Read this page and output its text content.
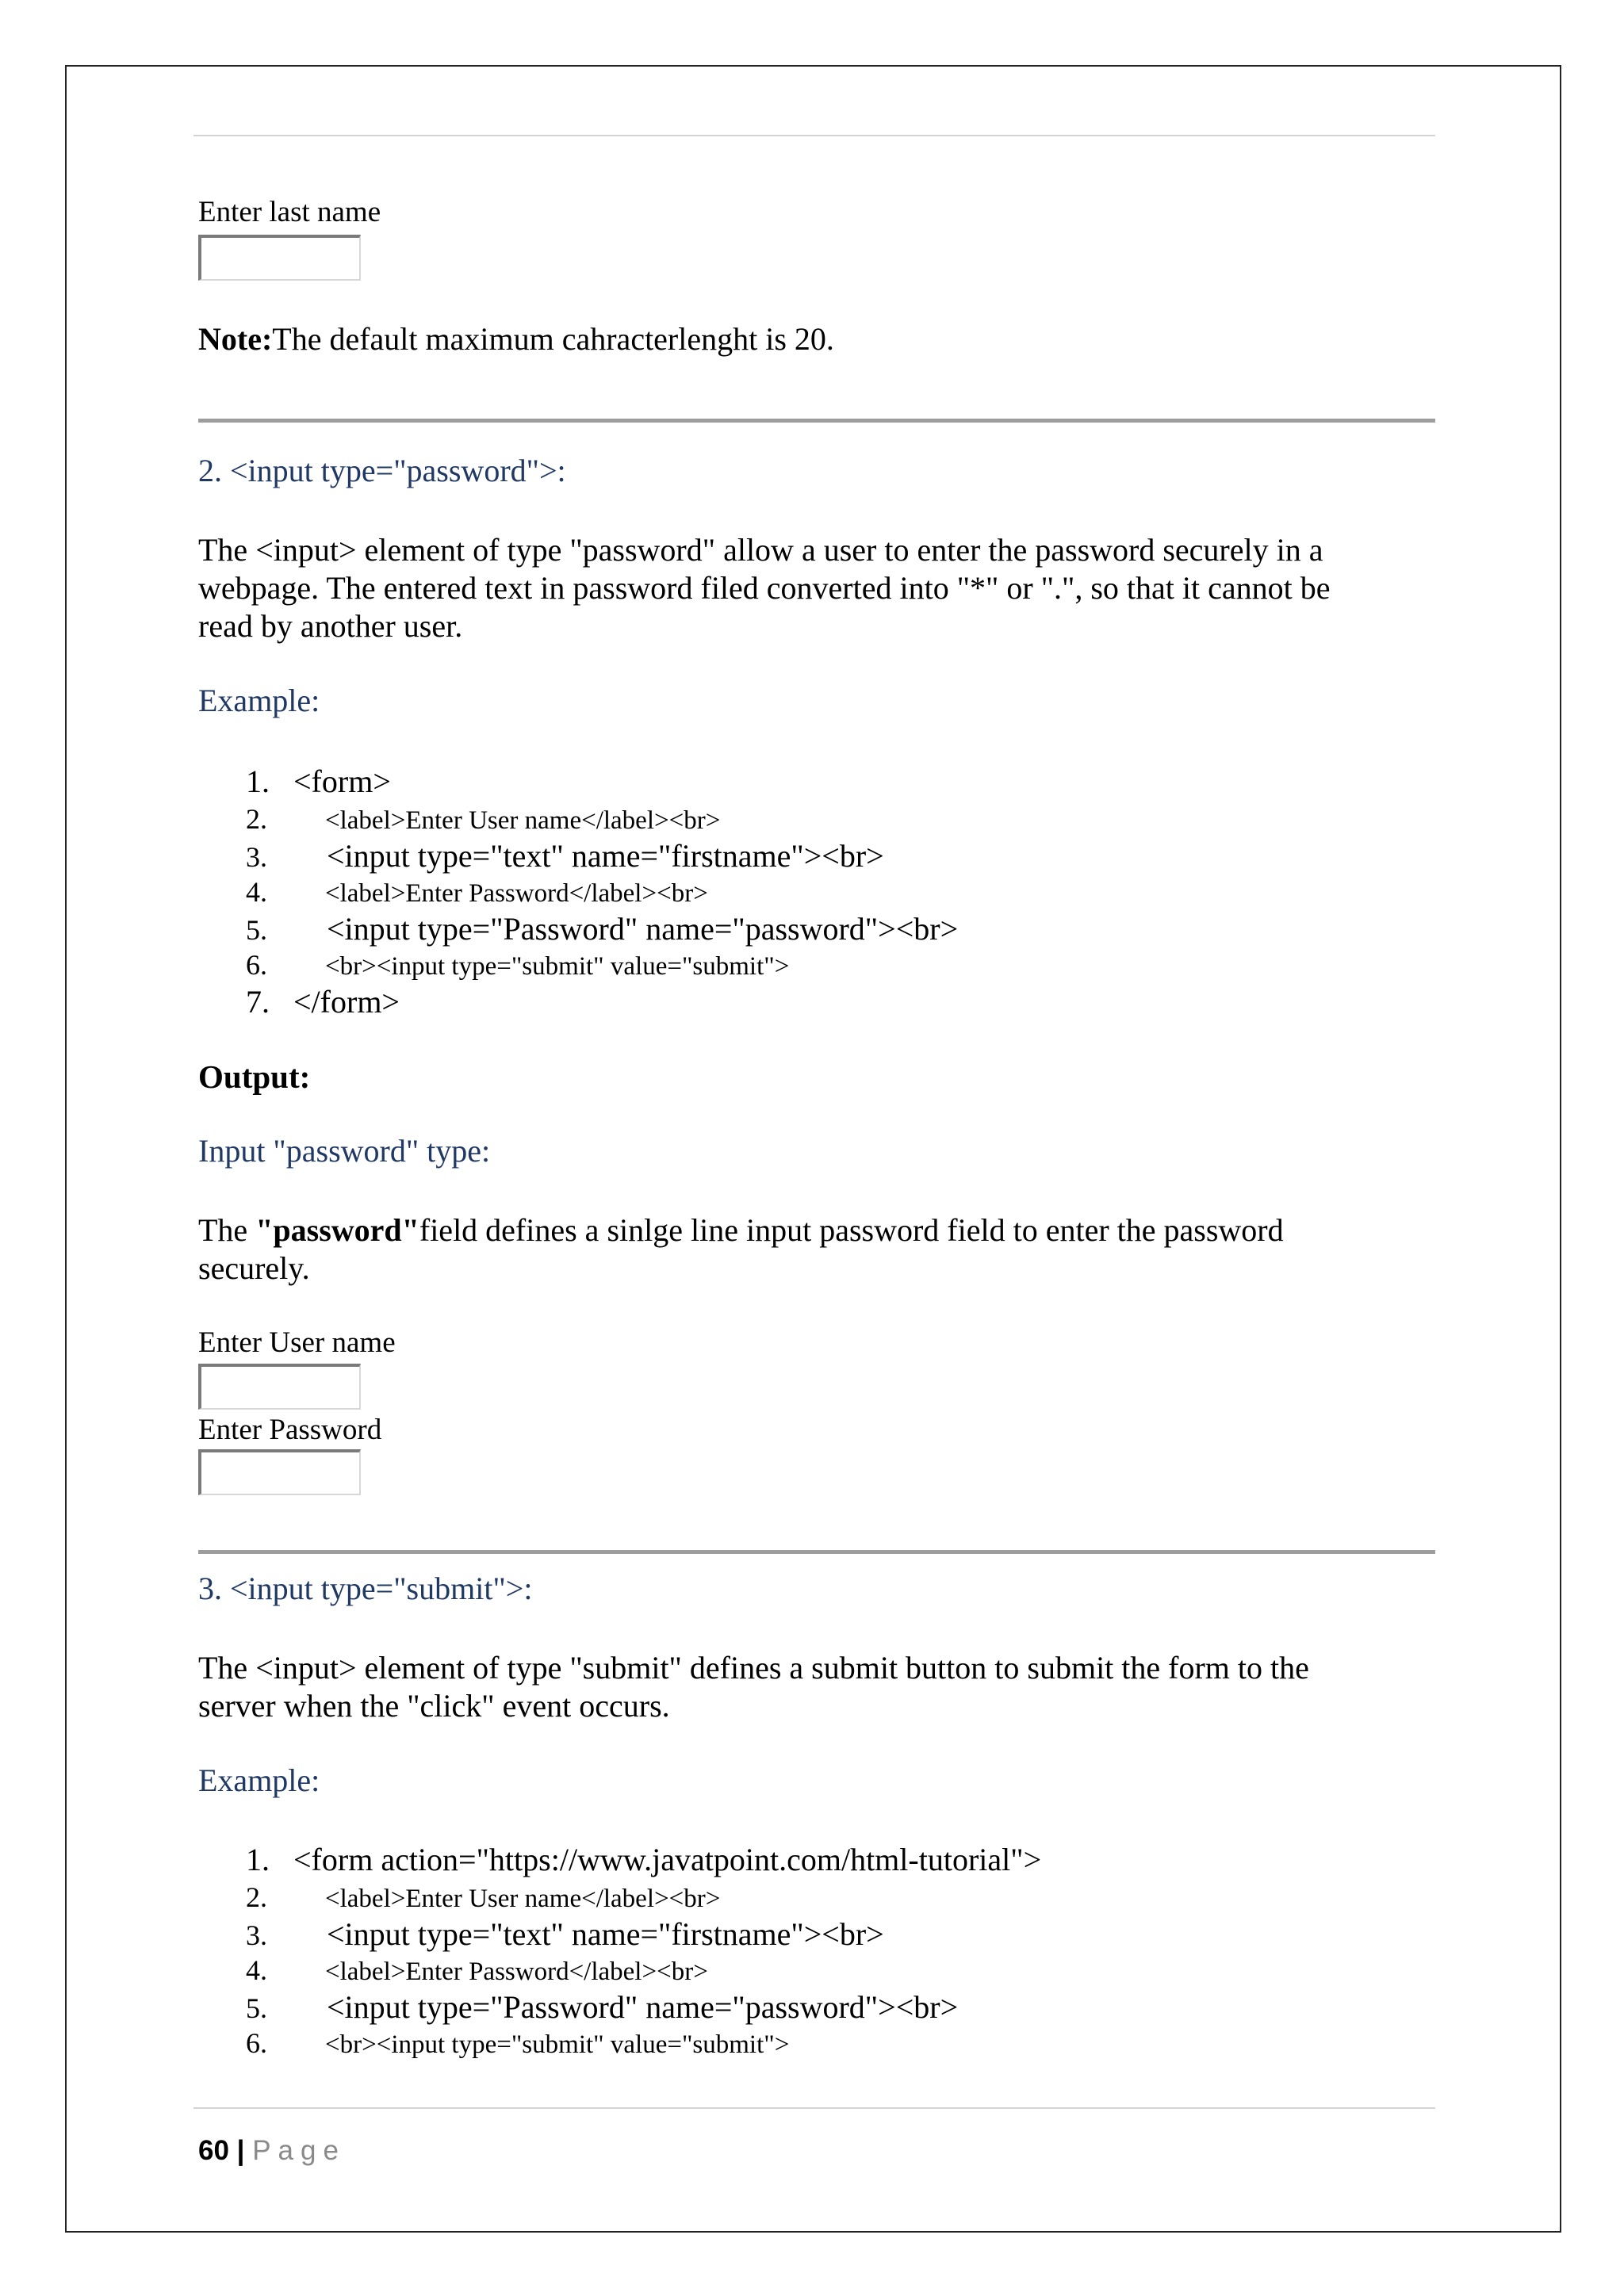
Enter last name
Note:The default maximum cahracterlenght is 20.
2. <input type="password">:
The <input> element of type "password" allow a user to enter the password securely in a
webpage. The entered text in password filed converted into "*" or ".", so that it cannot be
read by another user.
Example:
1. <form>
2. <label>Enter User name</label><br>
3. <input type="text" name="firstname"><br>
4. <label>Enter Password</label><br>
5. <input type="Password" name="password"><br>
6. <br><input type="submit" value="submit">
7. </form>
Output:
Input "password" type:
The "password"field defines a sinlge line input password field to enter the password
securely.
Enter User name
Enter Password
3. <input type="submit">:
The <input> element of type "submit" defines a submit button to submit the form to the
server when the "click" event occurs.
Example:
1. <form action="https://www.javatpoint.com/html-tutorial">
2. <label>Enter User name</label><br>
3. <input type="text" name="firstname"><br>
4. <label>Enter Password</label><br>
5. <input type="Password" name="password"><br>
6. <br><input type="submit" value="submit">
60 | Page
